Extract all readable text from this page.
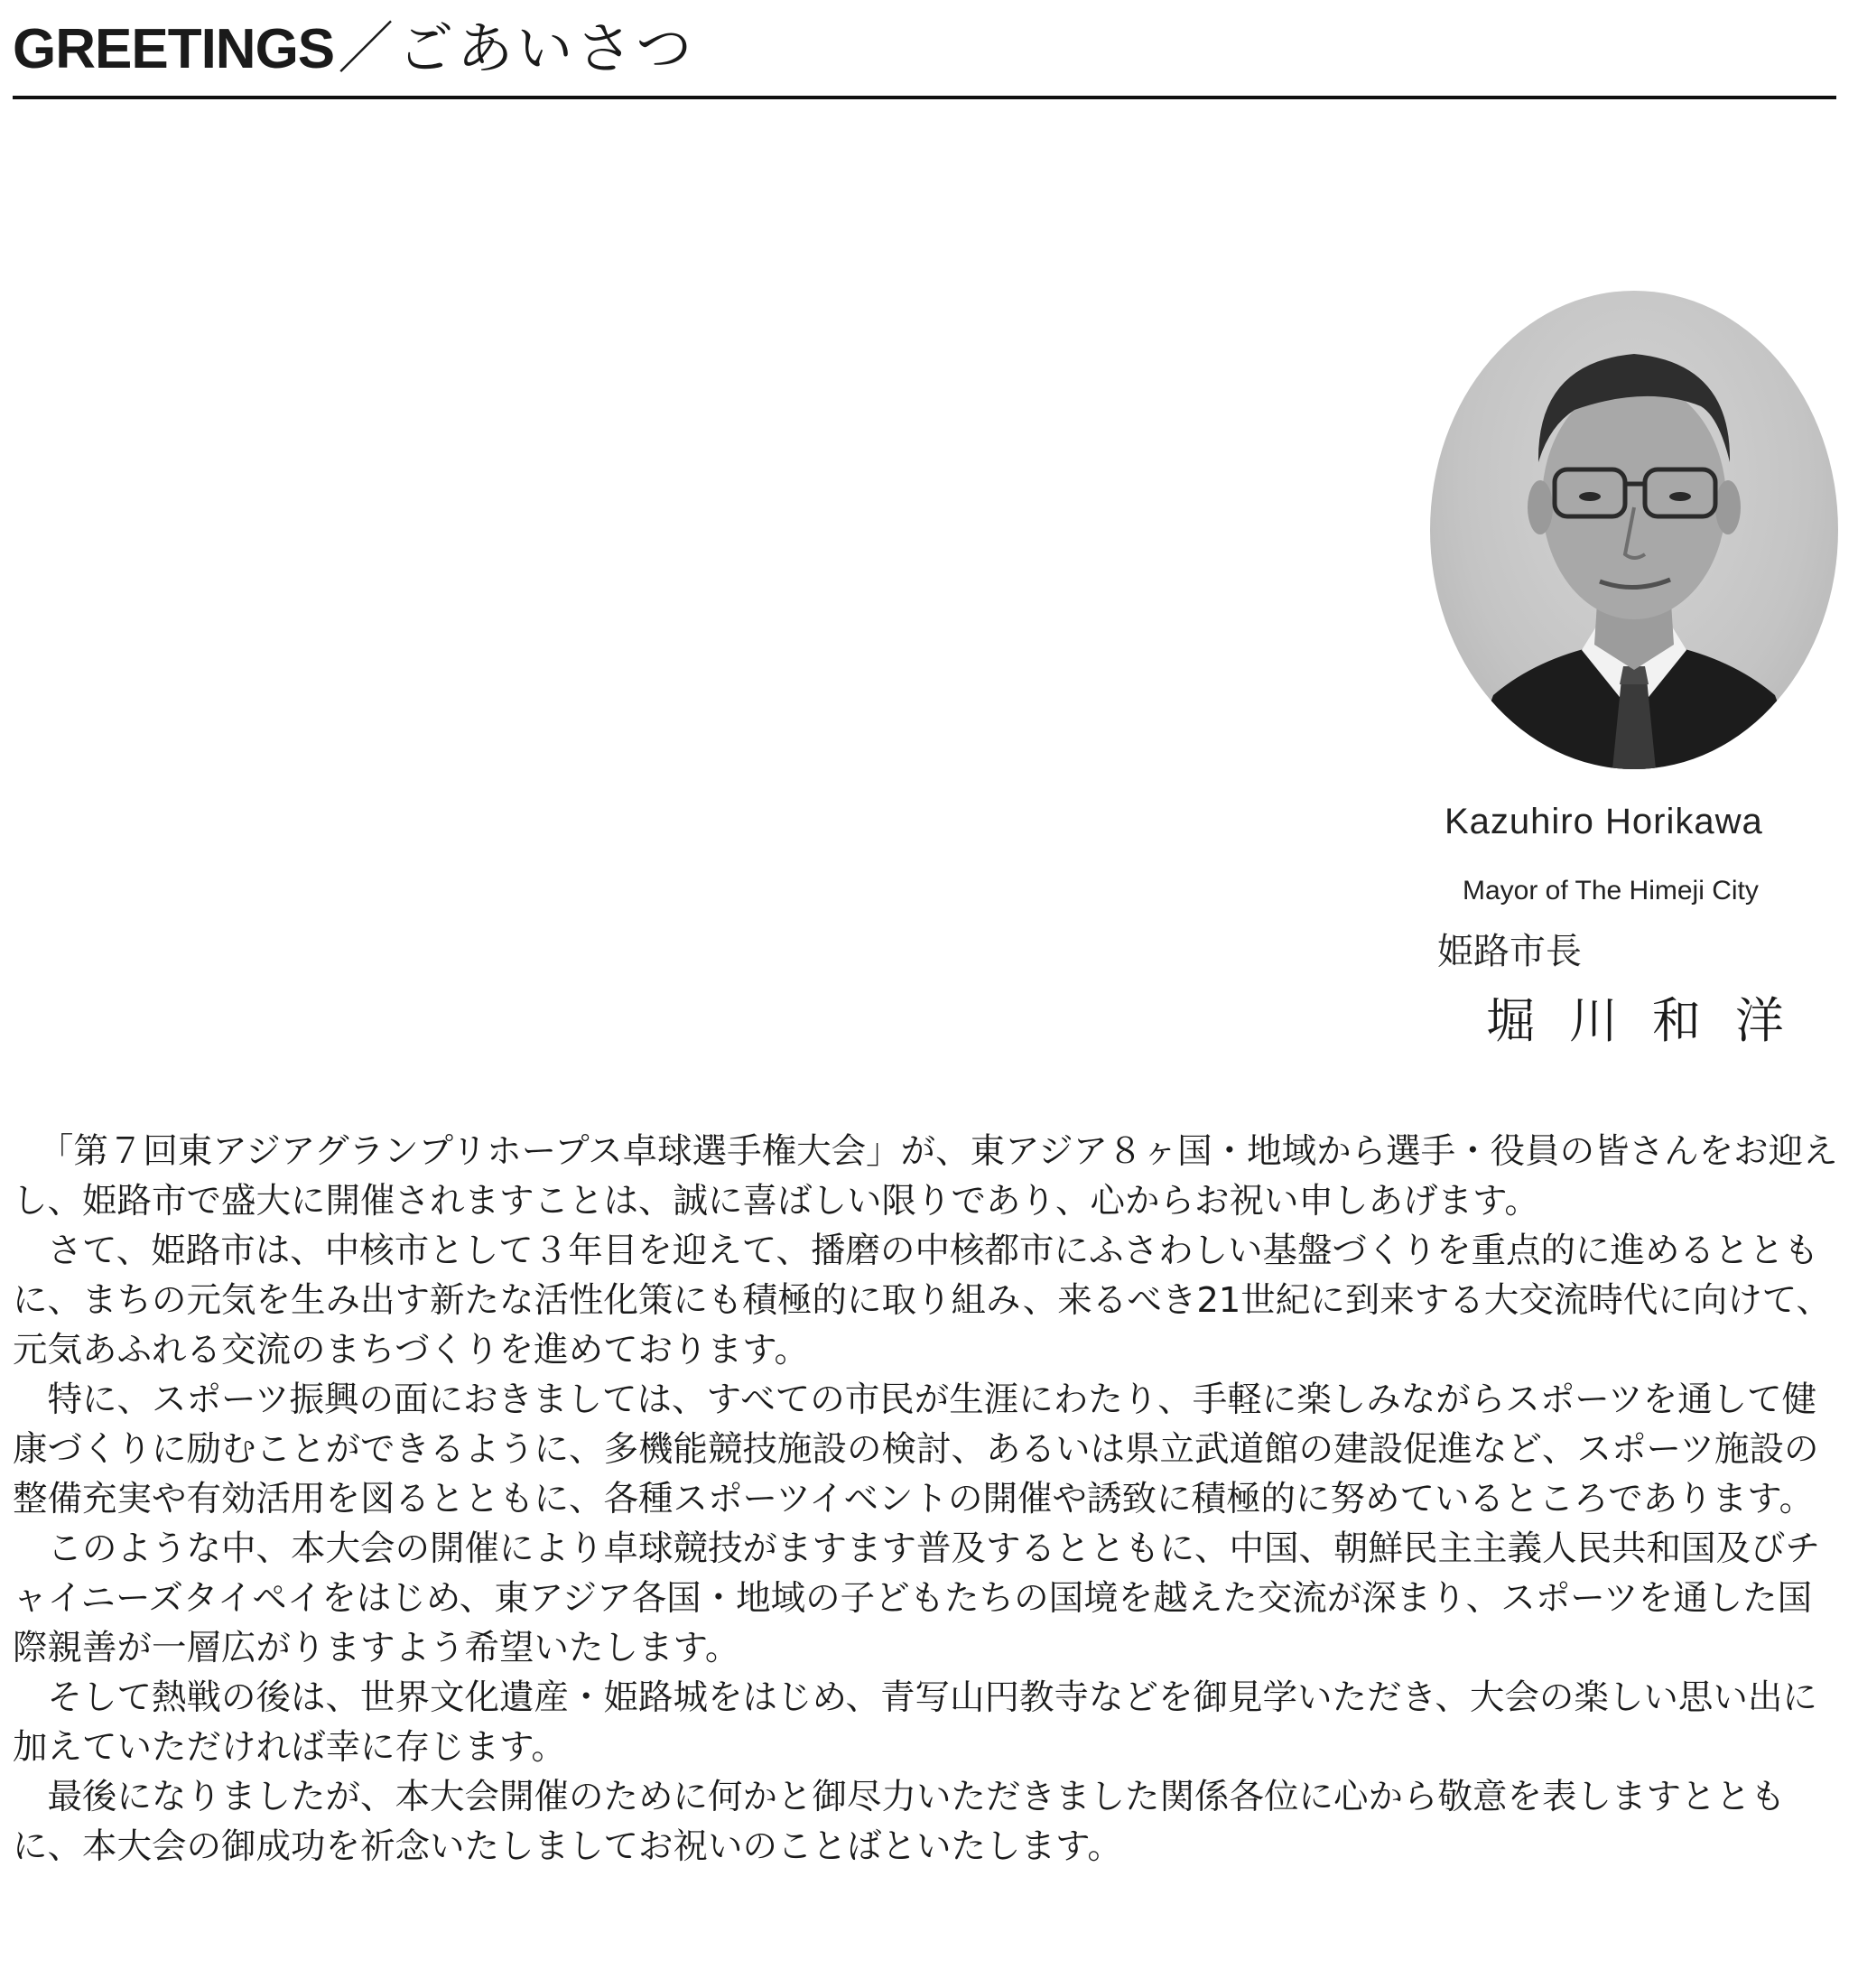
GREETINGS／ごあいさつ
Kazuhiro Horikawa
Mayor of The Himeji City
姫路市長
堀川和洋

「第７回東アジアグランプリホープス卓球選手権大会」が、東アジア８ヶ国・地域から選手・役員の皆さんをお迎えし、姫路市で盛大に開催されますことは、誠に喜ばしい限りであり、心からお祝い申しあげます。

さて、姫路市は、中核市として３年目を迎えて、播磨の中核都市にふさわしい基盤づくりを重点的に進めるとともに、まちの元気を生み出す新たな活性化策にも積極的に取り組み、来るべき21世紀に到来する大交流時代に向けて、元気あふれる交流のまちづくりを進めております。

特に、スポーツ振興の面におきましては、すべての市民が生涯にわたり、手軽に楽しみながらスポーツを通して健康づくりに励むことができるように、多機能競技施設の検討、あるいは県立武道館の建設促進など、スポーツ施設の整備充実や有効活用を図るとともに、各種スポーツイベントの開催や誘致に積極的に努めているところであります。

このような中、本大会の開催により卓球競技がますます普及するとともに、中国、朝鮮民主主義人民共和国及びチャイニーズタイペイをはじめ、東アジア各国・地域の子どもたちの国境を越えた交流が深まり、スポーツを通した国際親善が一層広がりますよう希望いたします。

そして熱戦の後は、世界文化遺産・姫路城をはじめ、青写山円教寺などを御見学いただき、大会の楽しい思い出に加えていただければ幸に存じます。

最後になりましたが、本大会開催のために何かと御尽力いただきました関係各位に心から敬意を表しますとともに、本大会の御成功を祈念いたしましてお祝いのことばといたします。
